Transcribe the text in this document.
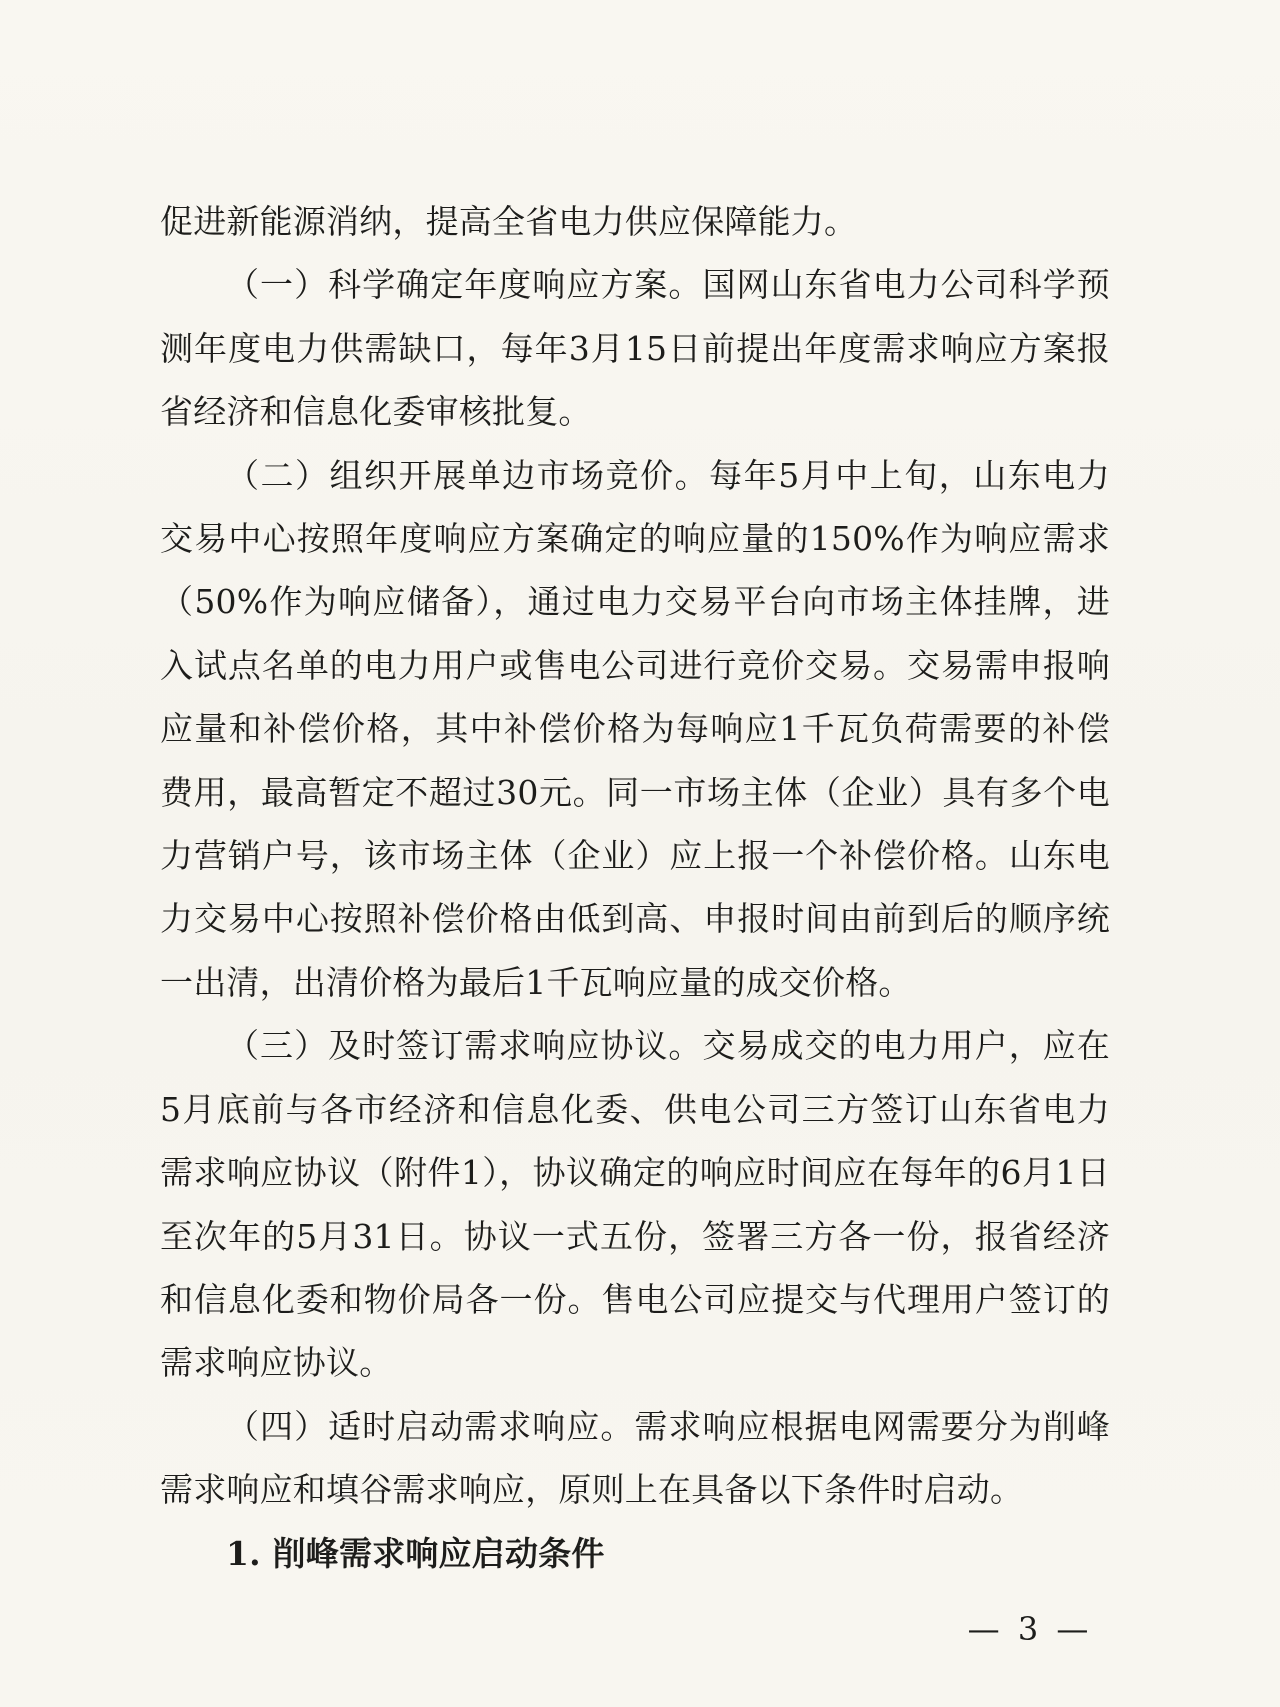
促进新能源消纳，提高全省电力供应保障能力。

（一）科学确定年度响应方案。国网山东省电力公司科学预测年度电力供需缺口，每年3月15日前提出年度需求响应方案报省经济和信息化委审核批复。

（二）组织开展单边市场竞价。每年5月中上旬，山东电力交易中心按照年度响应方案确定的响应量的150%作为响应需求（50%作为响应储备），通过电力交易平台向市场主体挂牌，进入试点名单的电力用户或售电公司进行竞价交易。交易需申报响应量和补偿价格，其中补偿价格为每响应1千瓦负荷需要的补偿费用，最高暂定不超过30元。同一市场主体（企业）具有多个电力营销户号，该市场主体（企业）应上报一个补偿价格。山东电力交易中心按照补偿价格由低到高、申报时间由前到后的顺序统一出清，出清价格为最后1千瓦响应量的成交价格。

（三）及时签订需求响应协议。交易成交的电力用户，应在5月底前与各市经济和信息化委、供电公司三方签订山东省电力需求响应协议（附件1），协议确定的响应时间应在每年的6月1日至次年的5月31日。协议一式五份，签署三方各一份，报省经济和信息化委和物价局各一份。售电公司应提交与代理用户签订的需求响应协议。

（四）适时启动需求响应。需求响应根据电网需要分为削峰需求响应和填谷需求响应，原则上在具备以下条件时启动。

1. 削峰需求响应启动条件

— 3 —
